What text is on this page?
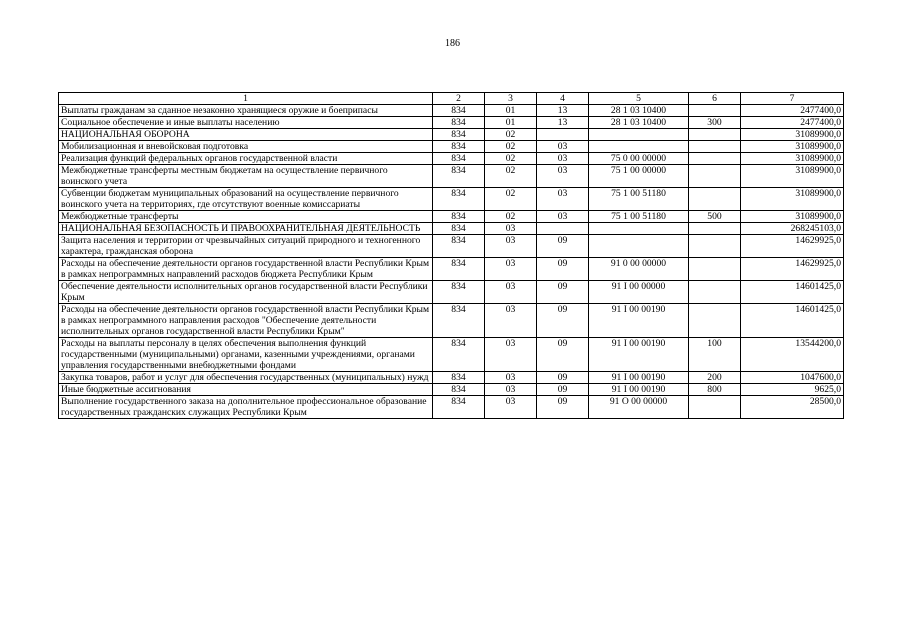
186
1	2	3	4	5	6	7
Выплаты гражданам за сданное незаконно хранящиеся оружие и боеприпасы	834	01	13	28 1 03 10400		2477400,0
Социальное обеспечение и иные выплаты населению	834	01	13	28 1 03 10400	300	2477400,0
НАЦИОНАЛЬНАЯ ОБОРОНА	834	02				31089900,0
Мобилизационная и вневойсковая подготовка	834	02	03			31089900,0
Реализация функций федеральных органов государственной власти	834	02	03	75 0 00 00000		31089900,0
Межбюджетные трансферты местным бюджетам на осуществление первичного воинского учета	834	02	03	75 1 00 00000		31089900,0
Субвенции бюджетам муниципальных образований на осуществление первичного воинского учета на территориях, где отсутствуют военные комиссариаты	834	02	03	75 1 00 51180		31089900,0
Межбюджетные трансферты	834	02	03	75 1 00 51180	500	31089900,0
НАЦИОНАЛЬНАЯ БЕЗОПАСНОСТЬ И ПРАВООХРАНИТЕЛЬНАЯ ДЕЯТЕЛЬНОСТЬ	834	03				268245103,0
Защита населения и территории от чрезвычайных ситуаций природного и техногенного характера, гражданская оборона	834	03	09			14629925,0
Расходы на обеспечение деятельности органов государственной власти Республики Крым в рамках непрограммных направлений расходов бюджета Республики Крым	834	03	09	91 0 00 00000		14629925,0
Обеспечение деятельности исполнительных органов государственной власти Республики Крым	834	03	09	91 I 00 00000		14601425,0
Расходы на обеспечение деятельности органов государственной власти Республики Крым в рамках непрограммного направления расходов "Обеспечение деятельности исполнительных органов государственной власти Республики Крым"	834	03	09	91 I 00 00190		14601425,0
Расходы на выплаты персоналу в целях обеспечения выполнения функций государственными (муниципальными) органами, казенными учреждениями, органами управления государственными внебюджетными фондами	834	03	09	91 I 00 00190	100	13544200,0
Закупка товаров, работ и услуг для обеспечения государственных (муниципальных) нужд	834	03	09	91 I 00 00190	200	1047600,0
Иные бюджетные ассигнования	834	03	09	91 I 00 00190	800	9625,0
Выполнение государственного заказа на дополнительное профессиональное образование государственных гражданских служащих Республики Крым	834	03	09	91 O 00 00000		28500,0
